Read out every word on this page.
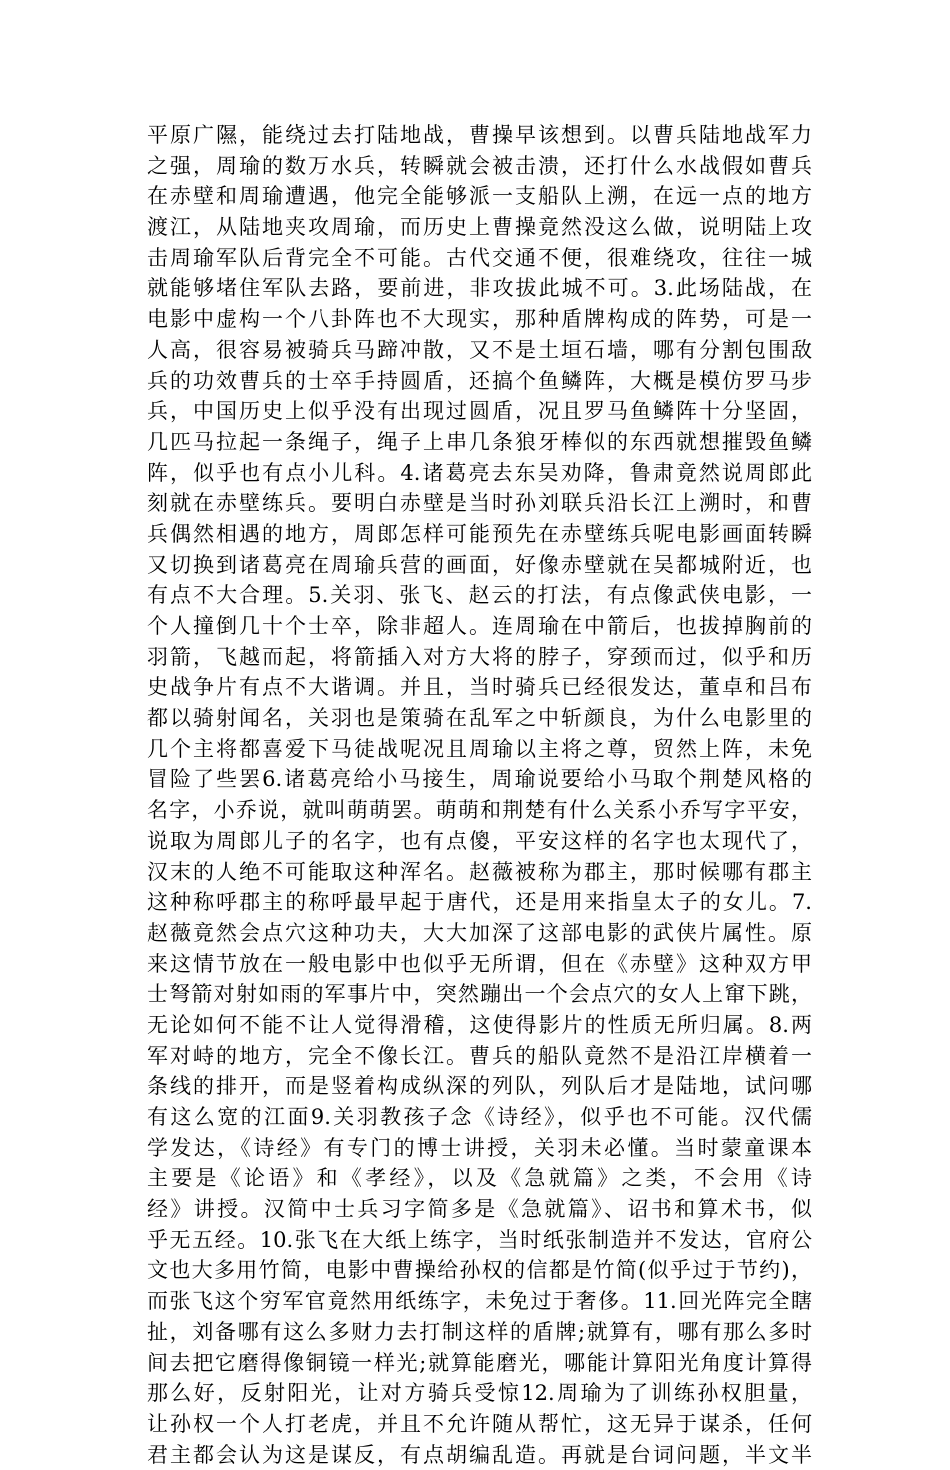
平原广隰，能绕过去打陆地战，曹操早该想到。以曹兵陆地战军力
之强，周瑜的数万水兵，转瞬就会被击溃，还打什么水战假如曹兵
在赤壁和周瑜遭遇，他完全能够派一支船队上溯，在远一点的地方
渡江，从陆地夹攻周瑜，而历史上曹操竟然没这么做，说明陆上攻
击周瑜军队后背完全不可能。古代交通不便，很难绕攻，往往一城
就能够堵住军队去路，要前进，非攻拔此城不可。3.此场陆战，在
电影中虚构一个八卦阵也不大现实，那种盾牌构成的阵势，可是一
人高，很容易被骑兵马蹄冲散，又不是土垣石墙，哪有分割包围敌
兵的功效曹兵的士卒手持圆盾，还搞个鱼鳞阵，大概是模仿罗马步
兵，中国历史上似乎没有出现过圆盾，况且罗马鱼鳞阵十分坚固，
几匹马拉起一条绳子，绳子上串几条狼牙棒似的东西就想摧毁鱼鳞
阵，似乎也有点小儿科。4.诸葛亮去东吴劝降，鲁肃竟然说周郎此
刻就在赤壁练兵。要明白赤壁是当时孙刘联兵沿长江上溯时，和曹
兵偶然相遇的地方，周郎怎样可能预先在赤壁练兵呢电影画面转瞬
又切换到诸葛亮在周瑜兵营的画面，好像赤壁就在吴都城附近，也
有点不大合理。5.关羽、张飞、赵云的打法，有点像武侠电影，一
个人撞倒几十个士卒，除非超人。连周瑜在中箭后，也拔掉胸前的
羽箭，飞越而起，将箭插入对方大将的脖子，穿颈而过，似乎和历
史战争片有点不大谐调。并且，当时骑兵已经很发达，董卓和吕布
都以骑射闻名，关羽也是策骑在乱军之中斩颜良，为什么电影里的
几个主将都喜爱下马徒战呢况且周瑜以主将之尊，贸然上阵，未免
冒险了些罢6.诸葛亮给小马接生，周瑜说要给小马取个荆楚风格的
名字，小乔说，就叫萌萌罢。萌萌和荆楚有什么关系小乔写字平安，
说取为周郎儿子的名字，也有点傻，平安这样的名字也太现代了，
汉末的人绝不可能取这种浑名。赵薇被称为郡主，那时候哪有郡主
这种称呼郡主的称呼最早起于唐代，还是用来指皇太子的女儿。7.
赵薇竟然会点穴这种功夫，大大加深了这部电影的武侠片属性。原
来这情节放在一般电影中也似乎无所谓，但在《赤壁》这种双方甲
士弩箭对射如雨的军事片中，突然蹦出一个会点穴的女人上窜下跳，
无论如何不能不让人觉得滑稽，这使得影片的性质无所归属。8.两
军对峙的地方，完全不像长江。曹兵的船队竟然不是沿江岸横着一
条线的排开，而是竖着构成纵深的列队，列队后才是陆地，试问哪
有这么宽的江面9.关羽教孩子念《诗经》，似乎也不可能。汉代儒
学发达，《诗经》有专门的博士讲授，关羽未必懂。当时蒙童课本
主要是《论语》和《孝经》，以及《急就篇》之类，不会用《诗
经》讲授。汉简中士兵习字简多是《急就篇》、诏书和算术书，似
乎无五经。10.张飞在大纸上练字，当时纸张制造并不发达，官府公
文也大多用竹简，电影中曹操给孙权的信都是竹简(似乎过于节约)，
而张飞这个穷军官竟然用纸练字，未免过于奢侈。11.回光阵完全瞎
扯，刘备哪有这么多财力去打制这样的盾牌;就算有，哪有那么多时
间去把它磨得像铜镜一样光;就算能磨光，哪能计算阳光角度计算得
那么好，反射阳光，让对方骑兵受惊12.周瑜为了训练孙权胆量，
让孙权一个人打老虎，并且不允许随从帮忙，这无异于谋杀，任何
君主都会认为这是谋反，有点胡编乱造。再就是台词问题，半文半
